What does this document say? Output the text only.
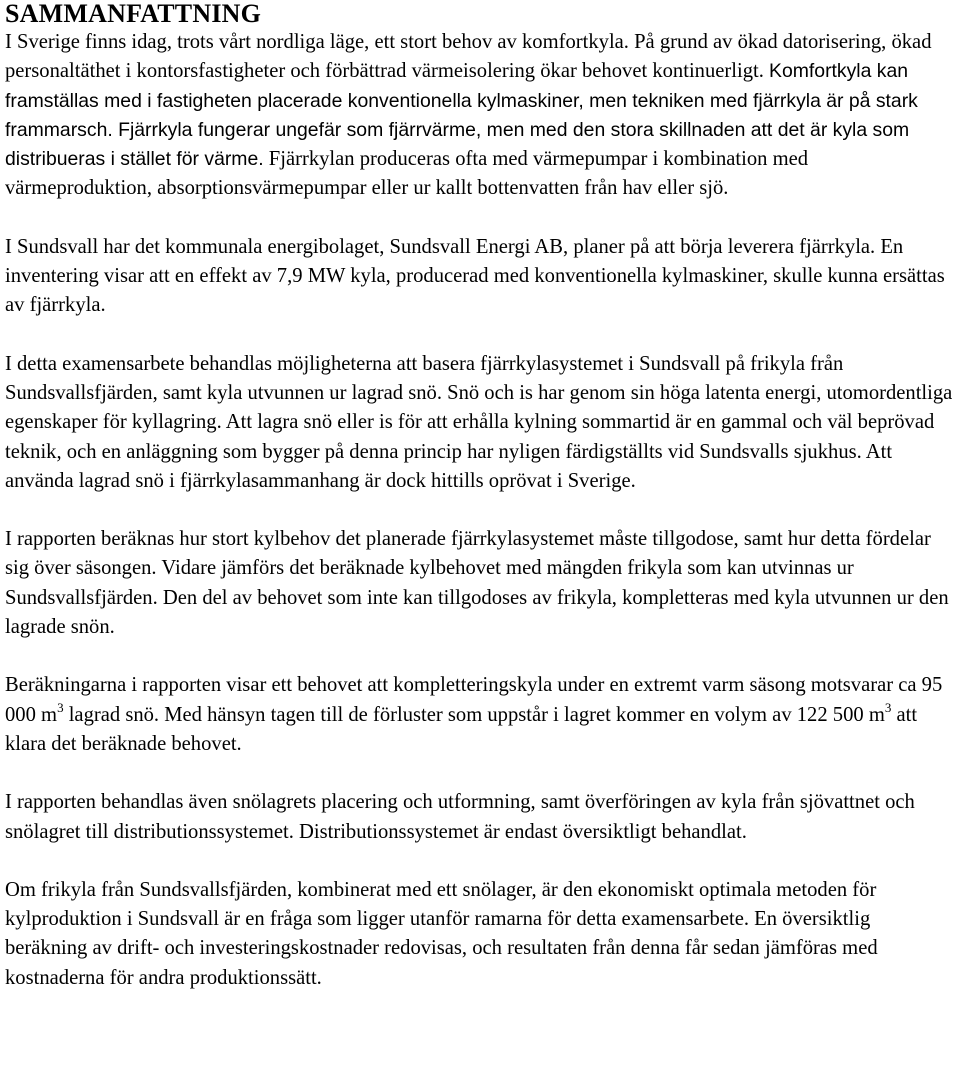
SAMMANFATTNING

I Sverige finns idag, trots vårt nordliga läge, ett stort behov av komfortkyla. På grund av ökad datorisering, ökad personaltäthet i kontorsfastigheter och förbättrad värmeisolering ökar behovet kontinuerligt. Komfortkyla kan framställas med i fastigheten placerade konventionella kylmaskiner, men tekniken med fjärrkyla är på stark frammarsch. Fjärrkyla fungerar ungefär som fjärrvärme, men med den stora skillnaden att det är kyla som distribueras i stället för värme. Fjärrkylan produceras ofta med värmepumpar i kombination med värmeproduktion, absorptionsvärmepumpar eller ur kallt bottenvatten från hav eller sjö.

I Sundsvall har det kommunala energibolaget, Sundsvall Energi AB, planer på att börja leverera fjärrkyla. En inventering visar att en effekt av 7,9 MW kyla, producerad med konventionella kylmaskiner, skulle kunna ersättas av fjärrkyla.

I detta examensarbete behandlas möjligheterna att basera fjärrkylasystemet i Sundsvall på frikyla från Sundsvallsfjärden, samt kyla utvunnen ur lagrad snö. Snö och is har genom sin höga latenta energi, utomordentliga egenskaper för kyllagring. Att lagra snö eller is för att erhålla kylning sommartid är en gammal och väl beprövad teknik, och en anläggning som bygger på denna princip har nyligen färdigställts vid Sundsvalls sjukhus. Att använda lagrad snö i fjärrkylasammanhang är dock hittills oprövat i Sverige.

I rapporten beräknas hur stort kylbehov det planerade fjärrkylasystemet måste tillgodose, samt hur detta fördelar sig över säsongen. Vidare jämförs det beräknade kylbehovet med mängden frikyla som kan utvinnas ur Sundsvallsfjärden. Den del av behovet som inte kan tillgodoses av frikyla, kompletteras med kyla utvunnen ur den lagrade snön.

Beräkningarna i rapporten visar ett behovet att kompletteringskyla under en extremt varm säsong motsvarar ca 95 000 $m^3$ lagrad snö. Med hänsyn tagen till de förluster som uppstår i lagret kommer en volym av 122 500 $m^3$ att klara det beräknade behovet.

I rapporten behandlas även snölagrets placering och utformning, samt överföringen av kyla från sjövattnet och snölagret till distributionssystemet. Distributionssystemet är endast översiktligt behandlat.

Om frikyla från Sundsvallsfjärden, kombinerat med ett snölager, är den ekonomiskt optimala metoden för kylproduktion i Sundsvall är en fråga som ligger utanför ramarna för detta examensarbete. En översiktlig beräkning av drift- och investeringskostnader redovisas, och resultaten från denna får sedan jämföras med kostnaderna för andra produktionssätt.
